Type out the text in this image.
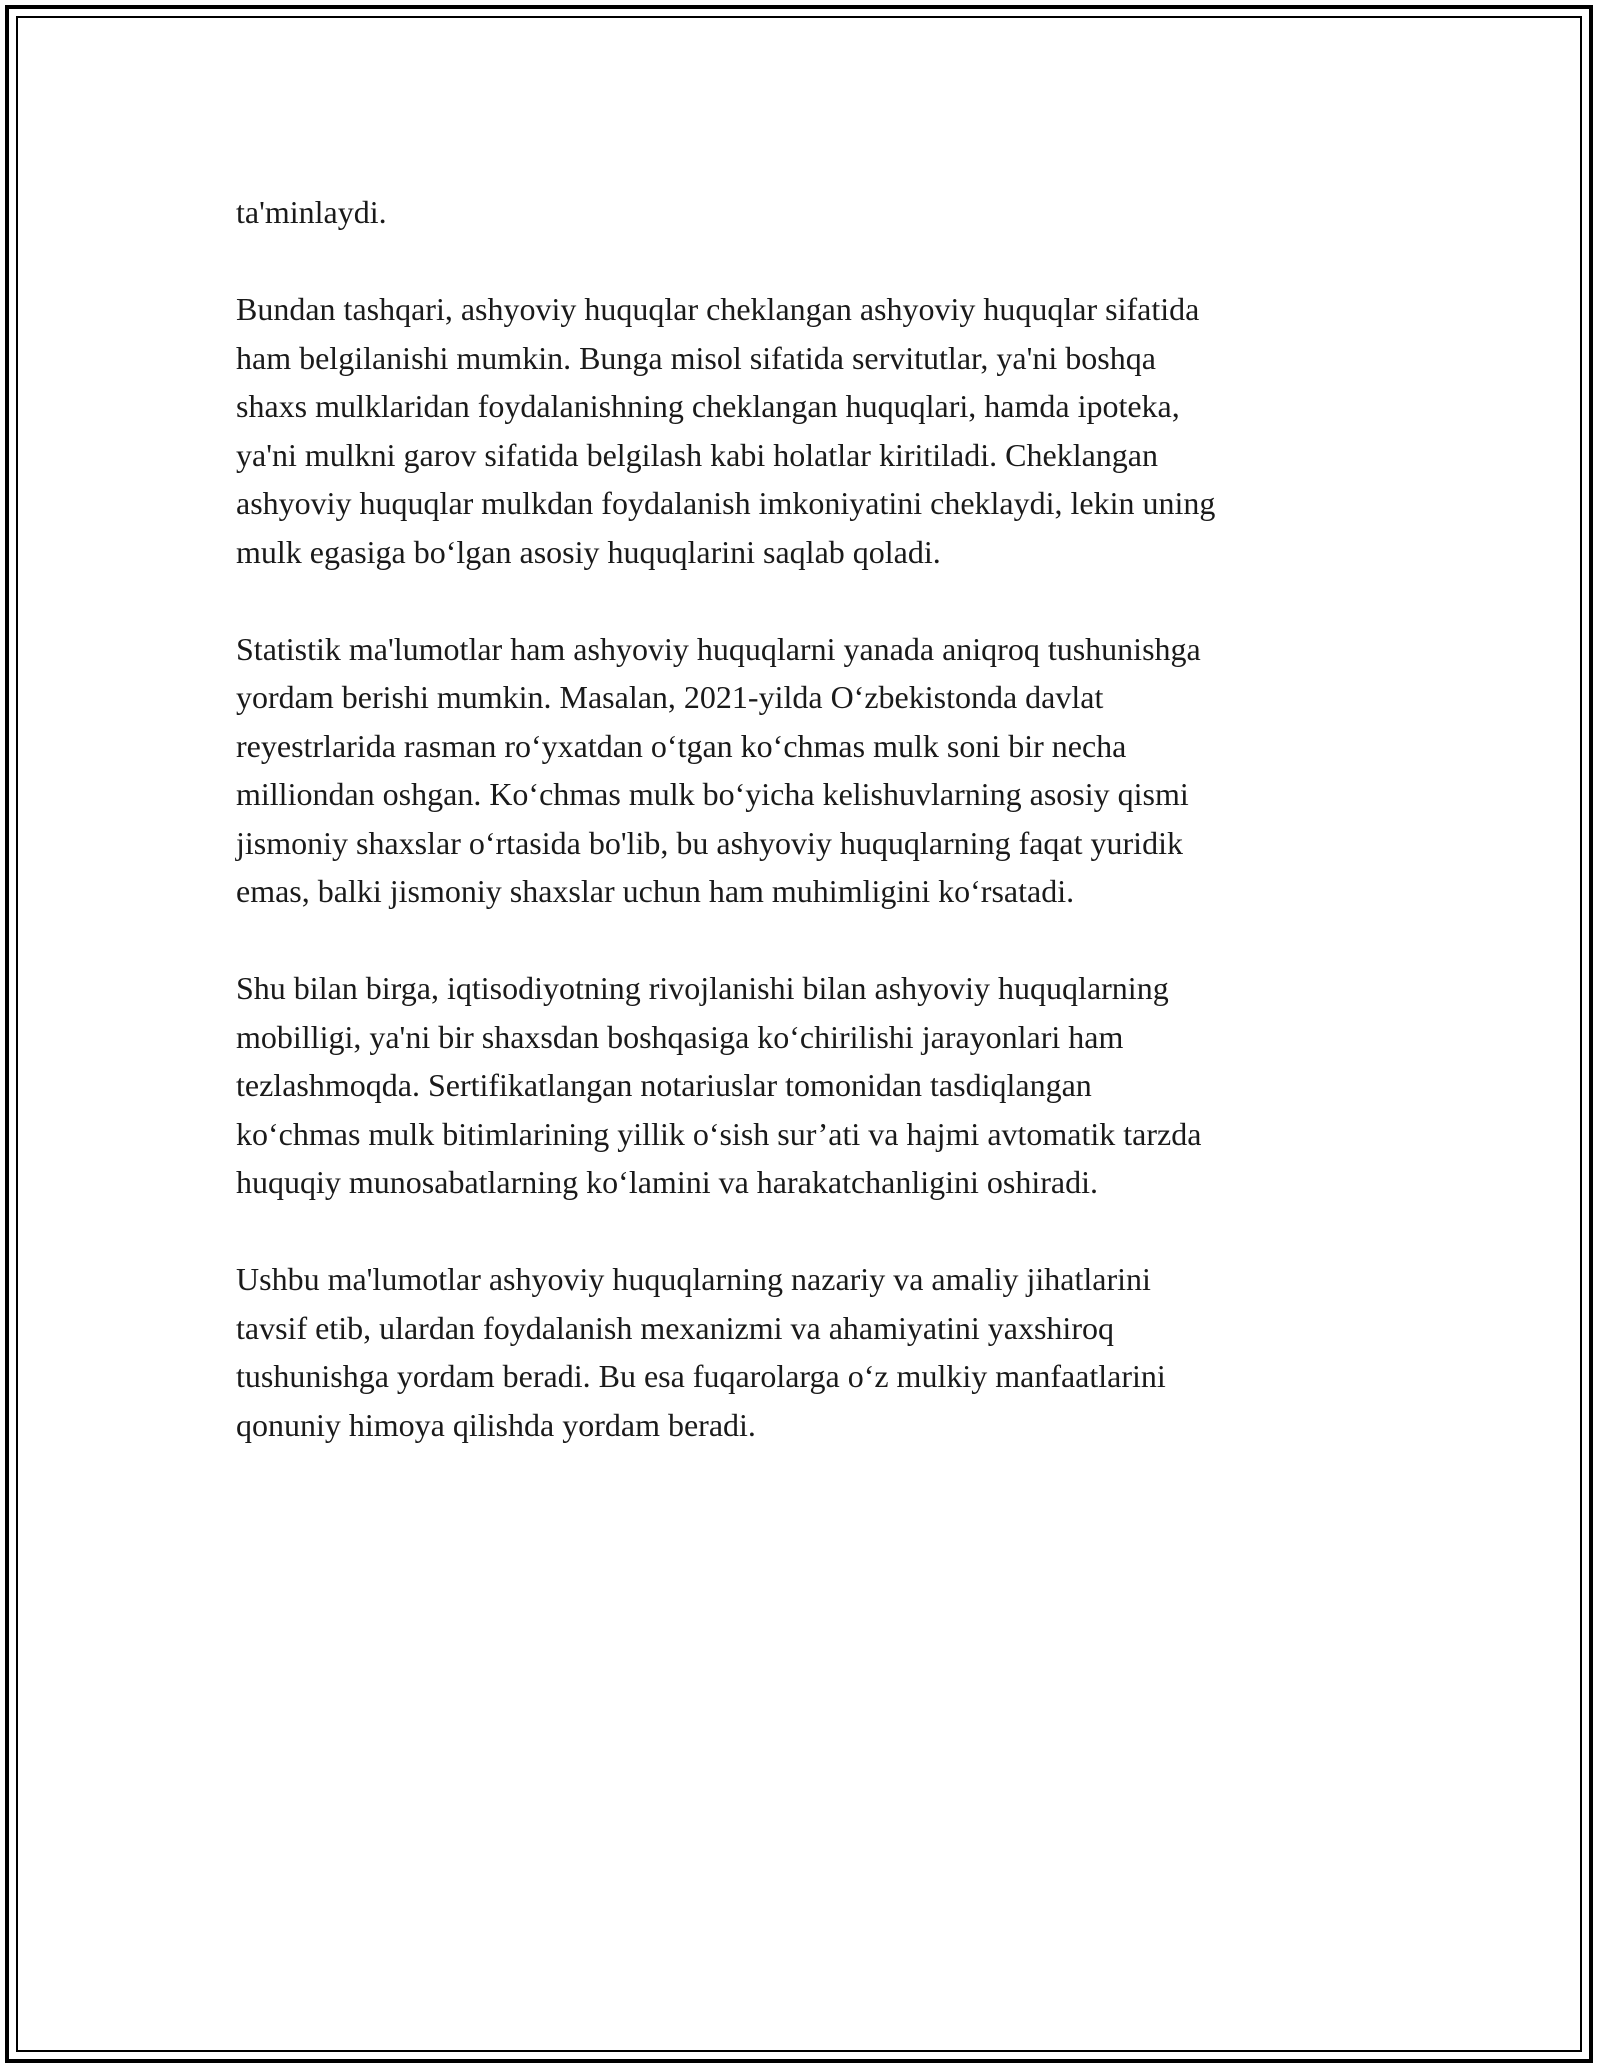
ta'minlaydi.

Bundan tashqari, ashyoviy huquqlar cheklangan ashyoviy huquqlar sifatida
ham belgilanishi mumkin. Bunga misol sifatida servitutlar, ya'ni boshqa
shaxs mulklaridan foydalanishning cheklangan huquqlari, hamda ipoteka,
ya'ni mulkni garov sifatida belgilash kabi holatlar kiritiladi. Cheklangan
ashyoviy huquqlar mulkdan foydalanish imkoniyatini cheklaydi, lekin uning
mulk egasiga bo‘lgan asosiy huquqlarini saqlab qoladi.

Statistik ma'lumotlar ham ashyoviy huquqlarni yanada aniqroq tushunishga
yordam berishi mumkin. Masalan, 2021-yilda O‘zbekistonda davlat
reyestrlarida rasman ro‘yxatdan o‘tgan ko‘chmas mulk soni bir necha
milliondan oshgan. Ko‘chmas mulk bo‘yicha kelishuvlarning asosiy qismi
jismoniy shaxslar o‘rtasida bo'lib, bu ashyoviy huquqlarning faqat yuridik
emas, balki jismoniy shaxslar uchun ham muhimligini ko‘rsatadi.

Shu bilan birga, iqtisodiyotning rivojlanishi bilan ashyoviy huquqlarning
mobilligi, ya'ni bir shaxsdan boshqasiga ko‘chirilishi jarayonlari ham
tezlashmoqda. Sertifikatlangan notariuslar tomonidan tasdiqlangan
ko‘chmas mulk bitimlarining yillik o‘sish sur’ati va hajmi avtomatik tarzda
huquqiy munosabatlarning ko‘lamini va harakatchanligini oshiradi.

Ushbu ma'lumotlar ashyoviy huquqlarning nazariy va amaliy jihatlarini
tavsif etib, ulardan foydalanish mexanizmi va ahamiyatini yaxshiroq
tushunishga yordam beradi. Bu esa fuqarolarga o‘z mulkiy manfaatlarini
qonuniy himoya qilishda yordam beradi.
